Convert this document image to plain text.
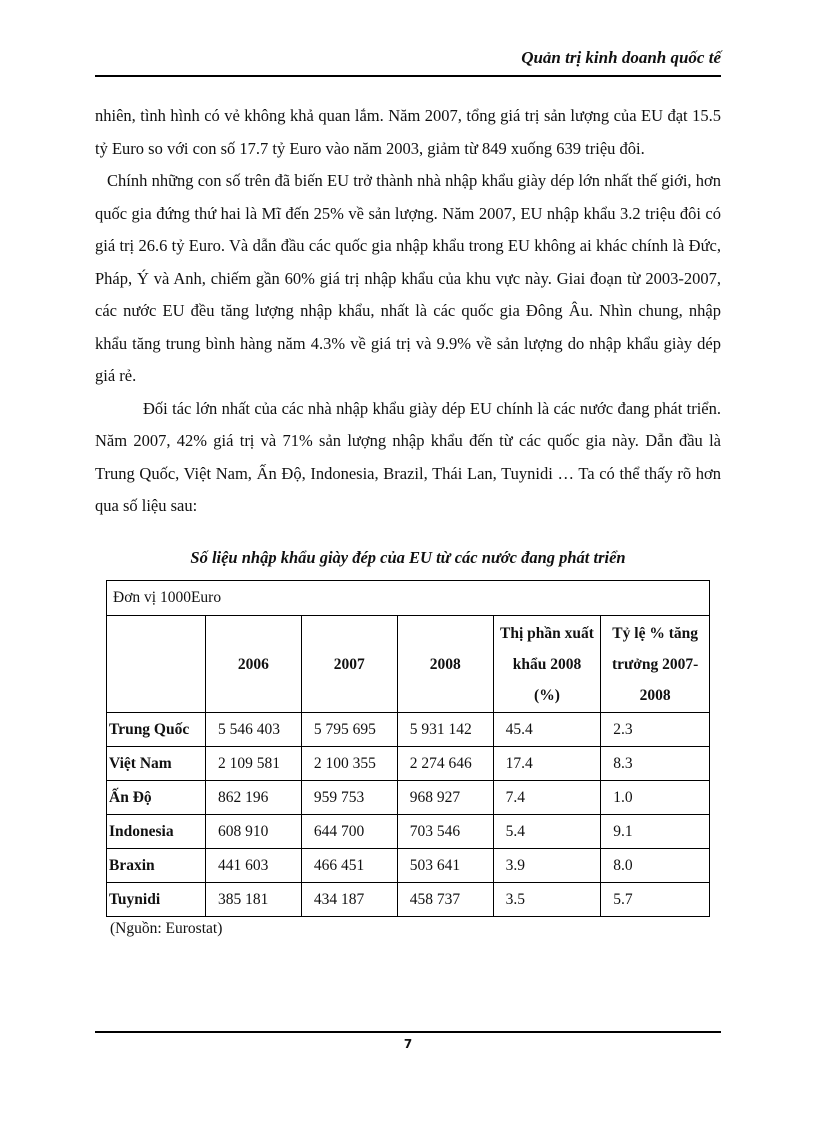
Quản trị kinh doanh quốc tế

nhiên, tình hình có vẻ không khả quan lắm. Năm 2007, tổng giá trị sản lượng của EU đạt 15.5 tỷ Euro so với con số 17.7 tỷ Euro vào năm 2003, giảm từ 849 xuống 639 triệu đôi.

Chính những con số trên đã biến EU trở thành nhà nhập khẩu giày dép lớn nhất thế giới, hơn quốc gia đứng thứ hai là Mĩ đến 25% về sản lượng. Năm 2007, EU nhập khẩu 3.2 triệu đôi có giá trị 26.6 tỷ Euro. Và dẫn đầu các quốc gia nhập khẩu trong EU không ai khác chính là Đức, Pháp, Ý và Anh, chiếm gần 60% giá trị nhập khẩu của khu vực này. Giai đoạn từ 2003-2007, các nước EU đều tăng lượng nhập khẩu, nhất là các quốc gia Đông Âu. Nhìn chung, nhập khẩu tăng trung bình hàng năm 4.3% về giá trị và 9.9% về sản lượng do nhập khẩu giày dép giá rẻ.

Đối tác lớn nhất của các nhà nhập khẩu giày dép EU chính là các nước đang phát triển. Năm 2007, 42% giá trị và 71% sản lượng nhập khẩu đến từ các quốc gia này. Dẫn đầu là Trung Quốc, Việt Nam, Ấn Độ, Indonesia, Brazil, Thái Lan, Tuynidi … Ta có thể thấy rõ hơn qua số liệu sau:

Số liệu nhập khẩu giày đép của EU từ các nước đang phát triển
Đơn vị 1000Euro					
	2006	2007	2008	Thị phần xuất khẩu 2008 (%)	Tỷ lệ % tăng trưởng 2007-2008
Trung Quốc	5 546 403	5 795 695	5 931 142	45.4	2.3
Việt Nam	2 109 581	2 100 355	2 274 646	17.4	8.3
Ấn Độ	862 196	959 753	968 927	7.4	1.0
Indonesia	608 910	644 700	703 546	5.4	9.1
Braxin	441 603	466 451	503 641	3.9	8.0
Tuynidi	385 181	434 187	458 737	3.5	5.7
(Nguồn: Eurostat)
7
